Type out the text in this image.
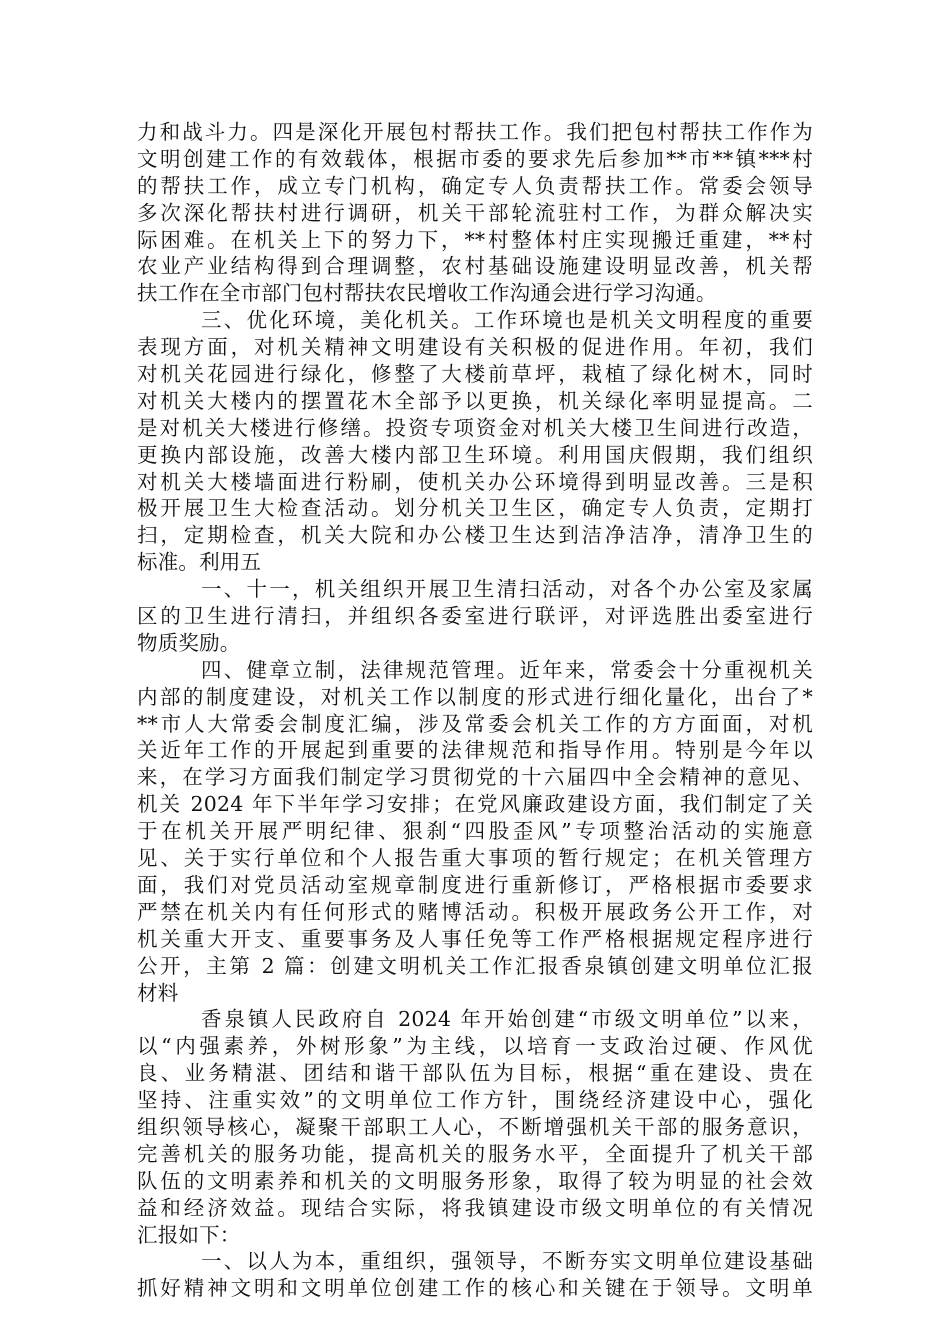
力和战斗力。四是深化开展包村帮扶工作。我们把包村帮扶工作作为
文明创建工作的有效载体，根据市委的要求先后参加**市**镇***村
的帮扶工作，成立专门机构，确定专人负责帮扶工作。常委会领导
多次深化帮扶村进行调研，机关干部轮流驻村工作，为群众解决实
际困难。在机关上下的努力下，**村整体村庄实现搬迁重建，**村
农业产业结构得到合理调整，农村基础设施建设明显改善，机关帮
扶工作在全市部门包村帮扶农民增收工作沟通会进行学习沟通。
三、优化环境，美化机关。工作环境也是机关文明程度的重要
表现方面，对机关精神文明建设有关积极的促进作用。年初，我们
对机关花园进行绿化，修整了大楼前草坪，栽植了绿化树木，同时
对机关大楼内的摆置花木全部予以更换，机关绿化率明显提高。二
是对机关大楼进行修缮。投资专项资金对机关大楼卫生间进行改造，
更换内部设施，改善大楼内部卫生环境。利用国庆假期，我们组织
对机关大楼墙面进行粉刷，使机关办公环境得到明显改善。三是积
极开展卫生大检查活动。划分机关卫生区，确定专人负责，定期打
扫，定期检查，机关大院和办公楼卫生达到洁净洁净，清净卫生的
标准。利用五
一、十一，机关组织开展卫生清扫活动，对各个办公室及家属
区的卫生进行清扫，并组织各委室进行联评，对评选胜出委室进行
物质奖励。
四、健章立制，法律规范管理。近年来，常委会十分重视机关
内部的制度建设，对机关工作以制度的形式进行细化量化，出台了*
**市人大常委会制度汇编，涉及常委会机关工作的方方面面，对机
关近年工作的开展起到重要的法律规范和指导作用。特别是今年以
来，在学习方面我们制定学习贯彻党的十六届四中全会精神的意见、
机关 2024 年下半年学习安排；在党风廉政建设方面，我们制定了关
于在机关开展严明纪律、狠刹“四股歪风”专项整治活动的实施意
见、关于实行单位和个人报告重大事项的暂行规定；在机关管理方
面，我们对党员活动室规章制度进行重新修订，严格根据市委要求
严禁在机关内有任何形式的赌博活动。积极开展政务公开工作，对
机关重大开支、重要事务及人事任免等工作严格根据规定程序进行
公开，主第 2 篇：创建文明机关工作汇报香泉镇创建文明单位汇报
材料
香泉镇人民政府自 2024 年开始创建“市级文明单位”以来，
以“内强素养，外树形象”为主线，以培育一支政治过硬、作风优
良、业务精湛、团结和谐干部队伍为目标，根据“重在建设、贵在
坚持、注重实效”的文明单位工作方针，围绕经济建设中心，强化
组织领导核心，凝聚干部职工人心，不断增强机关干部的服务意识，
完善机关的服务功能，提高机关的服务水平，全面提升了机关干部
队伍的文明素养和机关的文明服务形象，取得了较为明显的社会效
益和经济效益。现结合实际，将我镇建设市级文明单位的有关情况
汇报如下：
一、以人为本，重组织，强领导，不断夯实文明单位建设基础
抓好精神文明和文明单位创建工作的核心和关键在于领导。文明单
